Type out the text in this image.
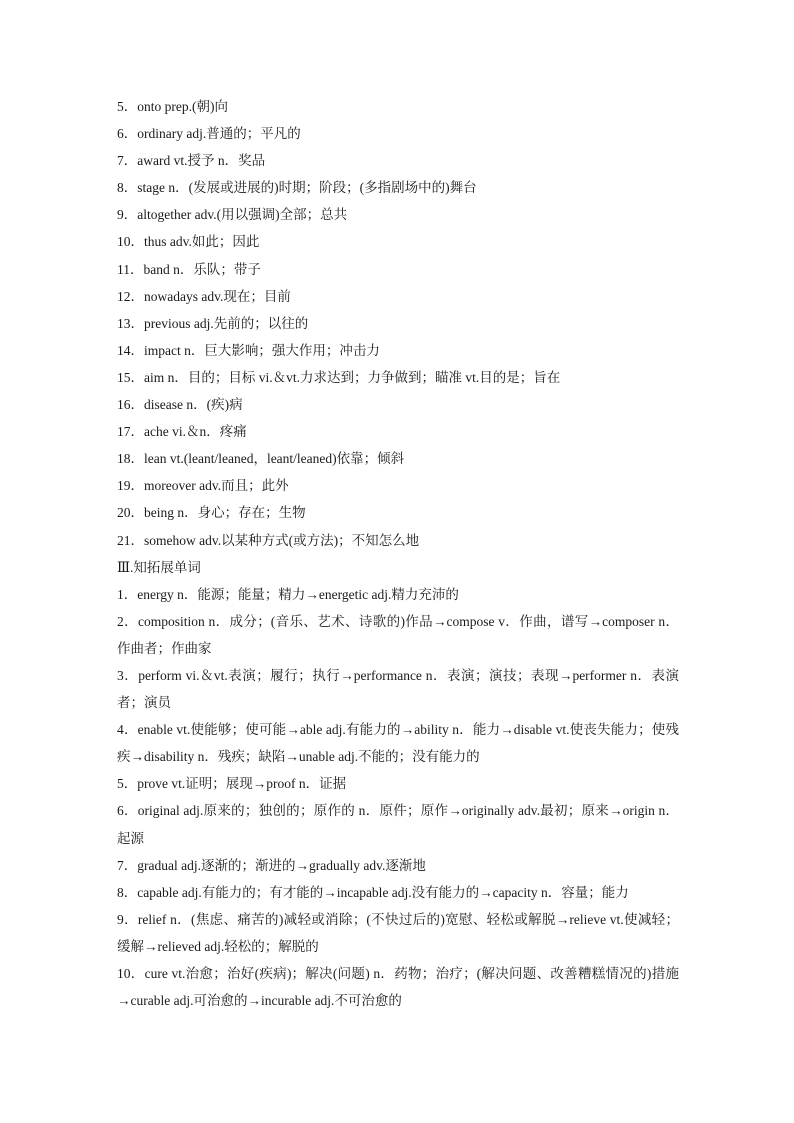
5．onto prep.(朝)向
6．ordinary adj.普通的；平凡的
7．award vt.授予 n．奖品
8．stage n．(发展或进展的)时期；阶段；(多指剧场中的)舞台
9．altogether adv.(用以强调)全部；总共
10．thus adv.如此；因此
11．band n．乐队；带子
12．nowadays adv.现在；目前
13．previous adj.先前的；以往的
14．impact n．巨大影响；强大作用；冲击力
15．aim n．目的；目标 vi.＆vt.力求达到；力争做到；瞄准 vt.目的是；旨在
16．disease n．(疾)病
17．ache vi.＆n．疼痛
18．lean vt.(leant/leaned，leant/leaned)依靠；倾斜
19．moreover adv.而且；此外
20．being n．身心；存在；生物
21．somehow adv.以某种方式(或方法)；不知怎么地
Ⅲ.知拓展单词
1．energy n．能源；能量；精力→energetic adj.精力充沛的
2．composition n．成分；(音乐、艺术、诗歌的)作品→compose v．作曲，谱写→composer n．作曲者；作曲家
3．perform vi.＆vt.表演；履行；执行→performance n．表演；演技；表现→performer n．表演者；演员
4．enable vt.使能够；使可能→able adj.有能力的→ability n．能力→disable vt.使丧失能力；使残疾→disability n．残疾；缺陷→unable adj.不能的；没有能力的
5．prove vt.证明；展现→proof n．证据
6．original adj.原来的；独创的；原作的 n．原件；原作→originally adv.最初；原来→origin n．起源
7．gradual adj.逐渐的；渐进的→gradually adv.逐渐地
8．capable adj.有能力的；有才能的→incapable adj.没有能力的→capacity n．容量；能力
9．relief n．(焦虑、痛苦的)减轻或消除；(不快过后的)宽慰、轻松或解脱→relieve vt.使减轻；缓解→relieved adj.轻松的；解脱的
10．cure vt.治愈；治好(疾病)；解决(问题) n．药物；治疗；(解决问题、改善糟糕情况的)措施→curable adj.可治愈的→incurable adj.不可治愈的
